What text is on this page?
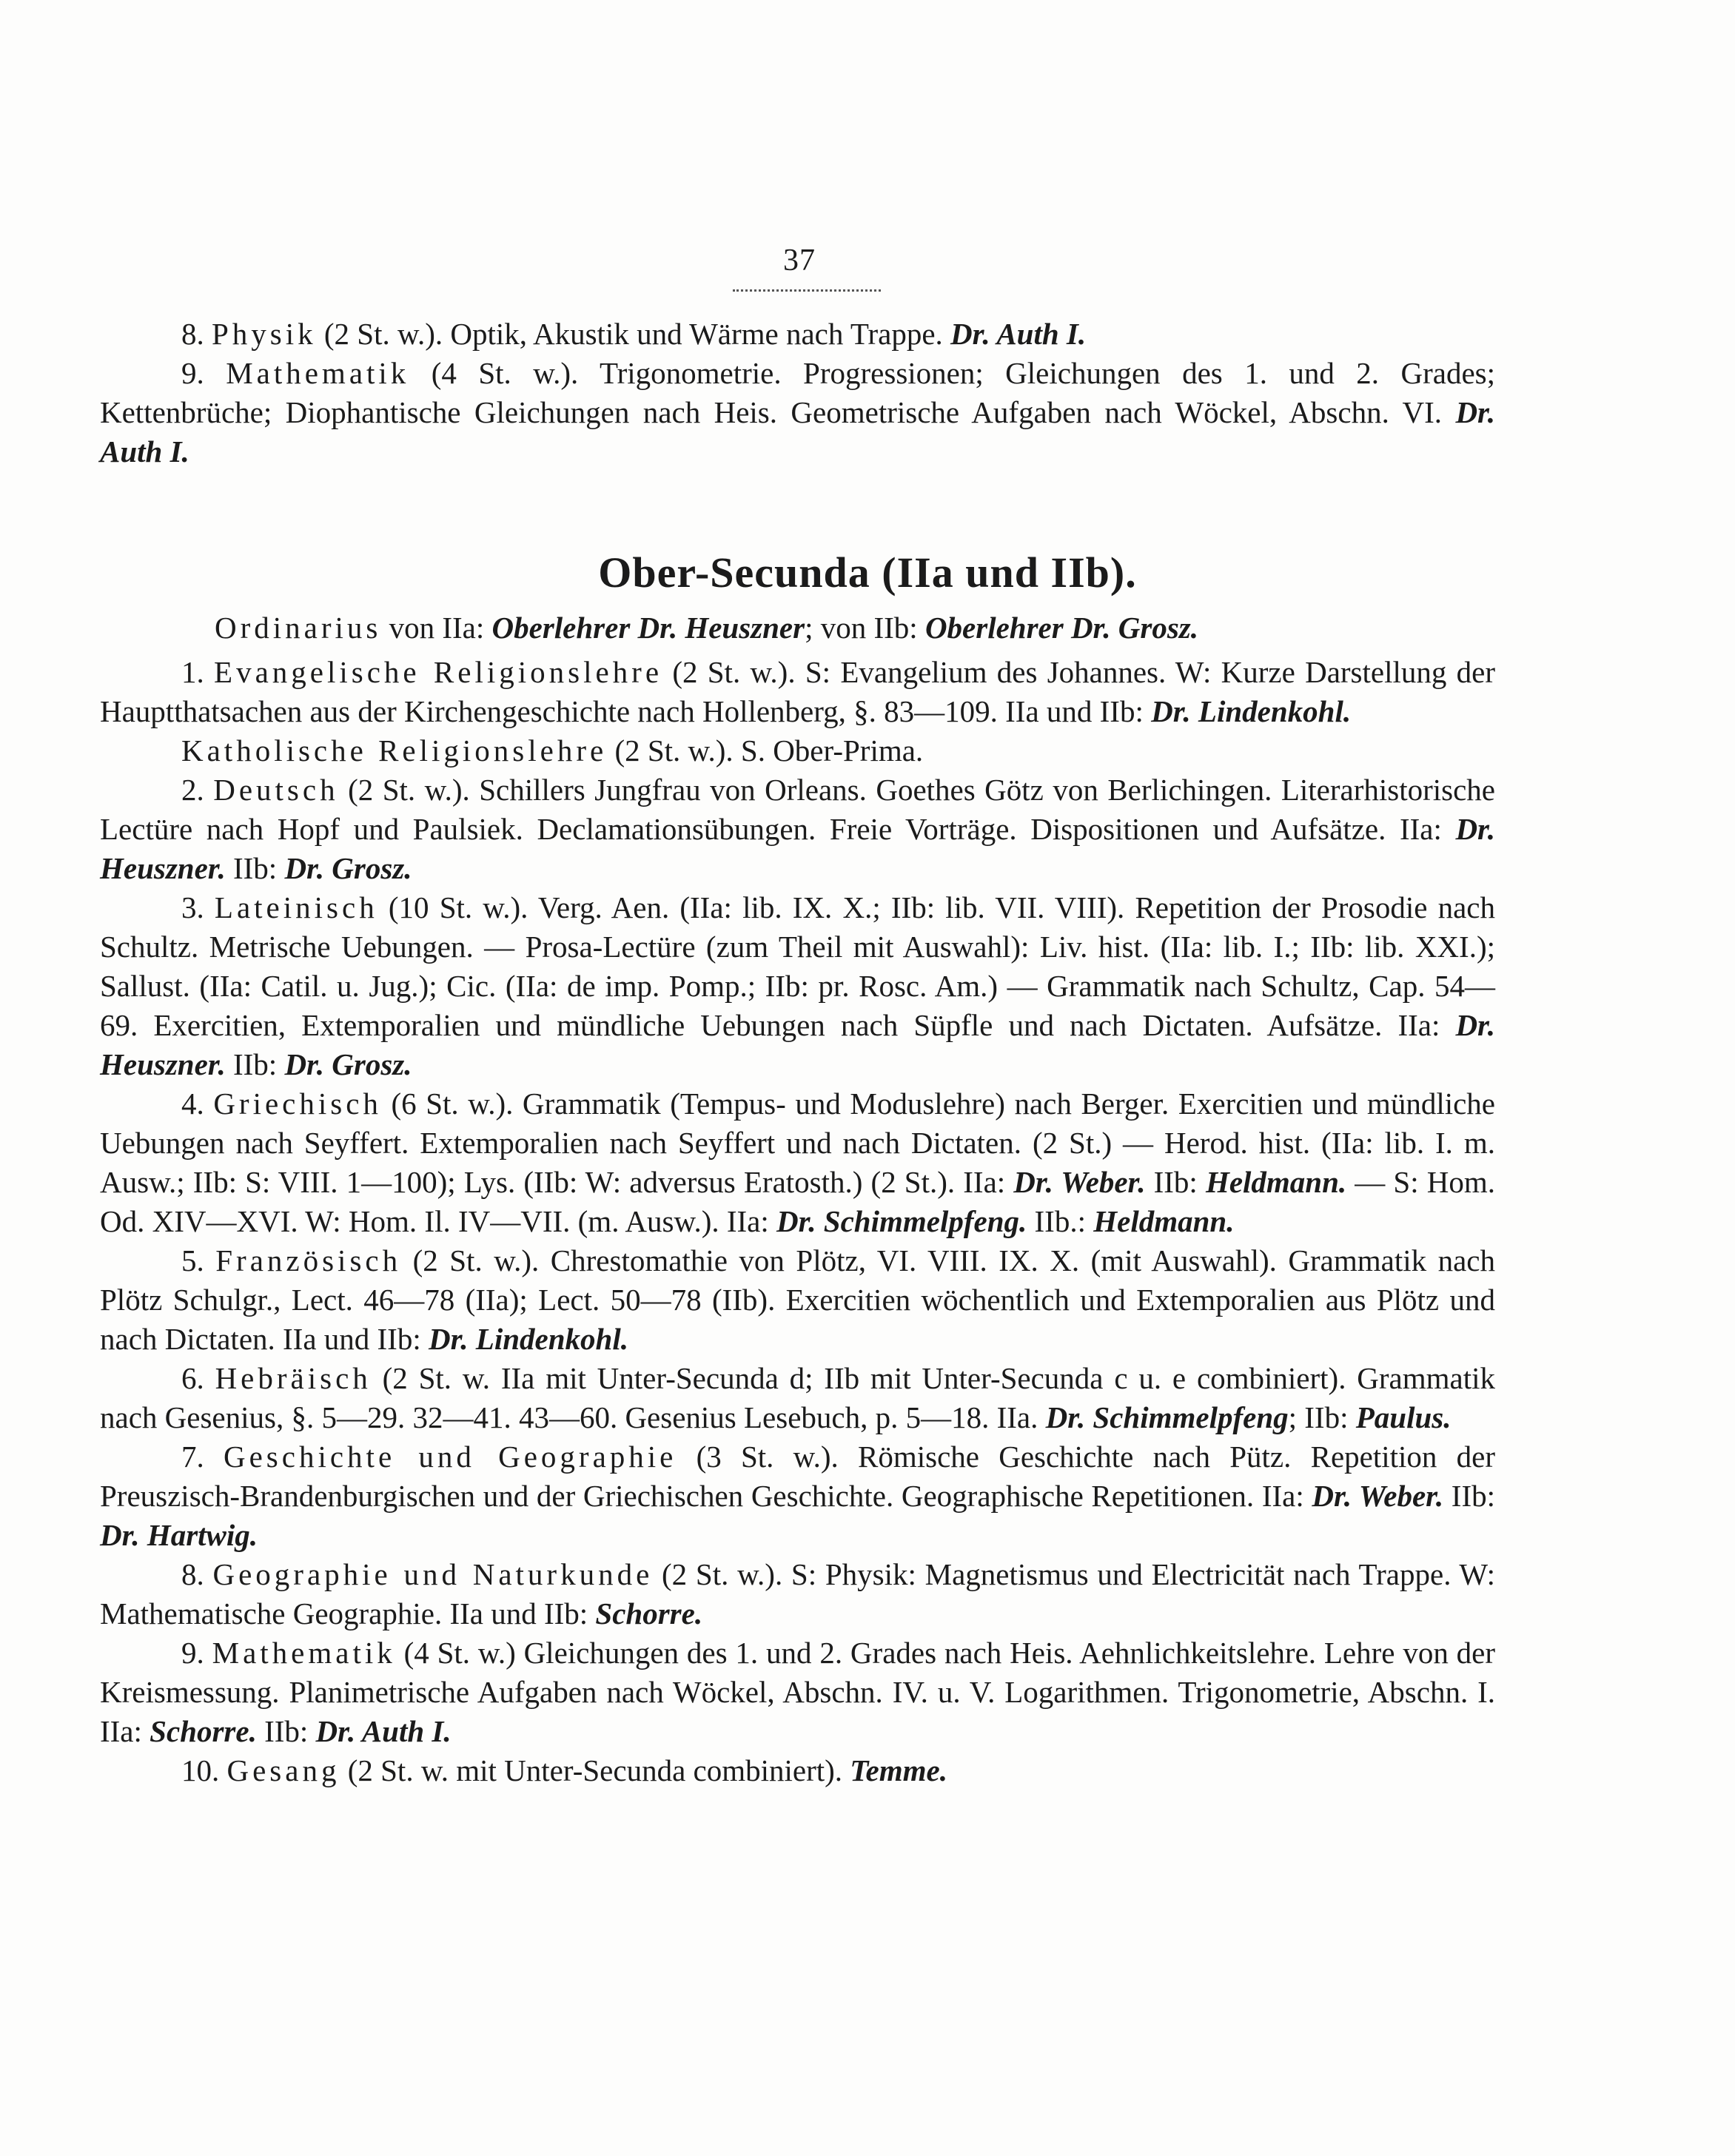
37

8. Physik (2 St. w.). Optik, Akustik und Wärme nach Trappe. Dr. Auth I.

9. Mathematik (4 St. w.). Trigonometrie. Progressionen; Gleichungen des 1. und 2. Grades; Kettenbrüche; Diophantische Gleichungen nach Heis. Geometrische Aufgaben nach Wöckel, Abschn. VI. Dr. Auth I.

Ober-Secunda (IIa und IIb).
Ordinarius von IIa: Oberlehrer Dr. Heuszner; von IIb: Oberlehrer Dr. Grosz.

1. Evangelische Religionslehre (2 St. w.). S: Evangelium des Johannes. W: Kurze Darstellung der Hauptthatsachen aus der Kirchengeschichte nach Hollenberg, §. 83—109. IIa und IIb: Dr. Lindenkohl.

Katholische Religionslehre (2 St. w.). S. Ober-Prima.

2. Deutsch (2 St. w.). Schillers Jungfrau von Orleans. Goethes Götz von Berlichingen. Literarhistorische Lectüre nach Hopf und Paulsiek. Declamationsübungen. Freie Vorträge. Dispositionen und Aufsätze. IIa: Dr. Heuszner. IIb: Dr. Grosz.

3. Lateinisch (10 St. w.). Verg. Aen. (IIa: lib. IX. X.; IIb: lib. VII. VIII). Repetition der Prosodie nach Schultz. Metrische Uebungen. — Prosa-Lectüre (zum Theil mit Auswahl): Liv. hist. (IIa: lib. I.; IIb: lib. XXI.); Sallust. (IIa: Catil. u. Jug.); Cic. (IIa: de imp. Pomp.; IIb: pr. Rosc. Am.) — Grammatik nach Schultz, Cap. 54—69. Exercitien, Extemporalien und mündliche Uebungen nach Süpfle und nach Dictaten. Aufsätze. IIa: Dr. Heuszner. IIb: Dr. Grosz.

4. Griechisch (6 St. w.). Grammatik (Tempus- und Moduslehre) nach Berger. Exercitien und mündliche Uebungen nach Seyffert. Extemporalien nach Seyffert und nach Dictaten. (2 St.) — Herod. hist. (IIa: lib. I. m. Ausw.; IIb: S: VIII. 1—100); Lys. (IIb: W: adversus Eratosth.) (2 St.). IIa: Dr. Weber. IIb: Heldmann. — S: Hom. Od. XIV—XVI. W: Hom. Il. IV—VII. (m. Ausw.). IIa: Dr. Schimmelpfeng. IIb.: Heldmann.

5. Französisch (2 St. w.). Chrestomathie von Plötz, VI. VIII. IX. X. (mit Auswahl). Grammatik nach Plötz Schulgr., Lect. 46—78 (IIa); Lect. 50—78 (IIb). Exercitien wöchentlich und Extemporalien aus Plötz und nach Dictaten. IIa und IIb: Dr. Lindenkohl.

6. Hebräisch (2 St. w. IIa mit Unter-Secunda d; IIb mit Unter-Secunda c u. e combiniert). Grammatik nach Gesenius, §. 5—29. 32—41. 43—60. Gesenius Lesebuch, p. 5—18. IIa. Dr. Schimmelpfeng; IIb: Paulus.

7. Geschichte und Geographie (3 St. w.). Römische Geschichte nach Pütz. Repetition der Preuszisch-Brandenburgischen und der Griechischen Geschichte. Geographische Repetitionen. IIa: Dr. Weber. IIb: Dr. Hartwig.

8. Geographie und Naturkunde (2 St. w.). S: Physik: Magnetismus und Electricität nach Trappe. W: Mathematische Geographie. IIa und IIb: Schorre.

9. Mathematik (4 St. w.) Gleichungen des 1. und 2. Grades nach Heis. Aehnlichkeitslehre. Lehre von der Kreismessung. Planimetrische Aufgaben nach Wöckel, Abschn. IV. u. V. Logarithmen. Trigonometrie, Abschn. I. IIa: Schorre. IIb: Dr. Auth I.

10. Gesang (2 St. w. mit Unter-Secunda combiniert). Temme.
